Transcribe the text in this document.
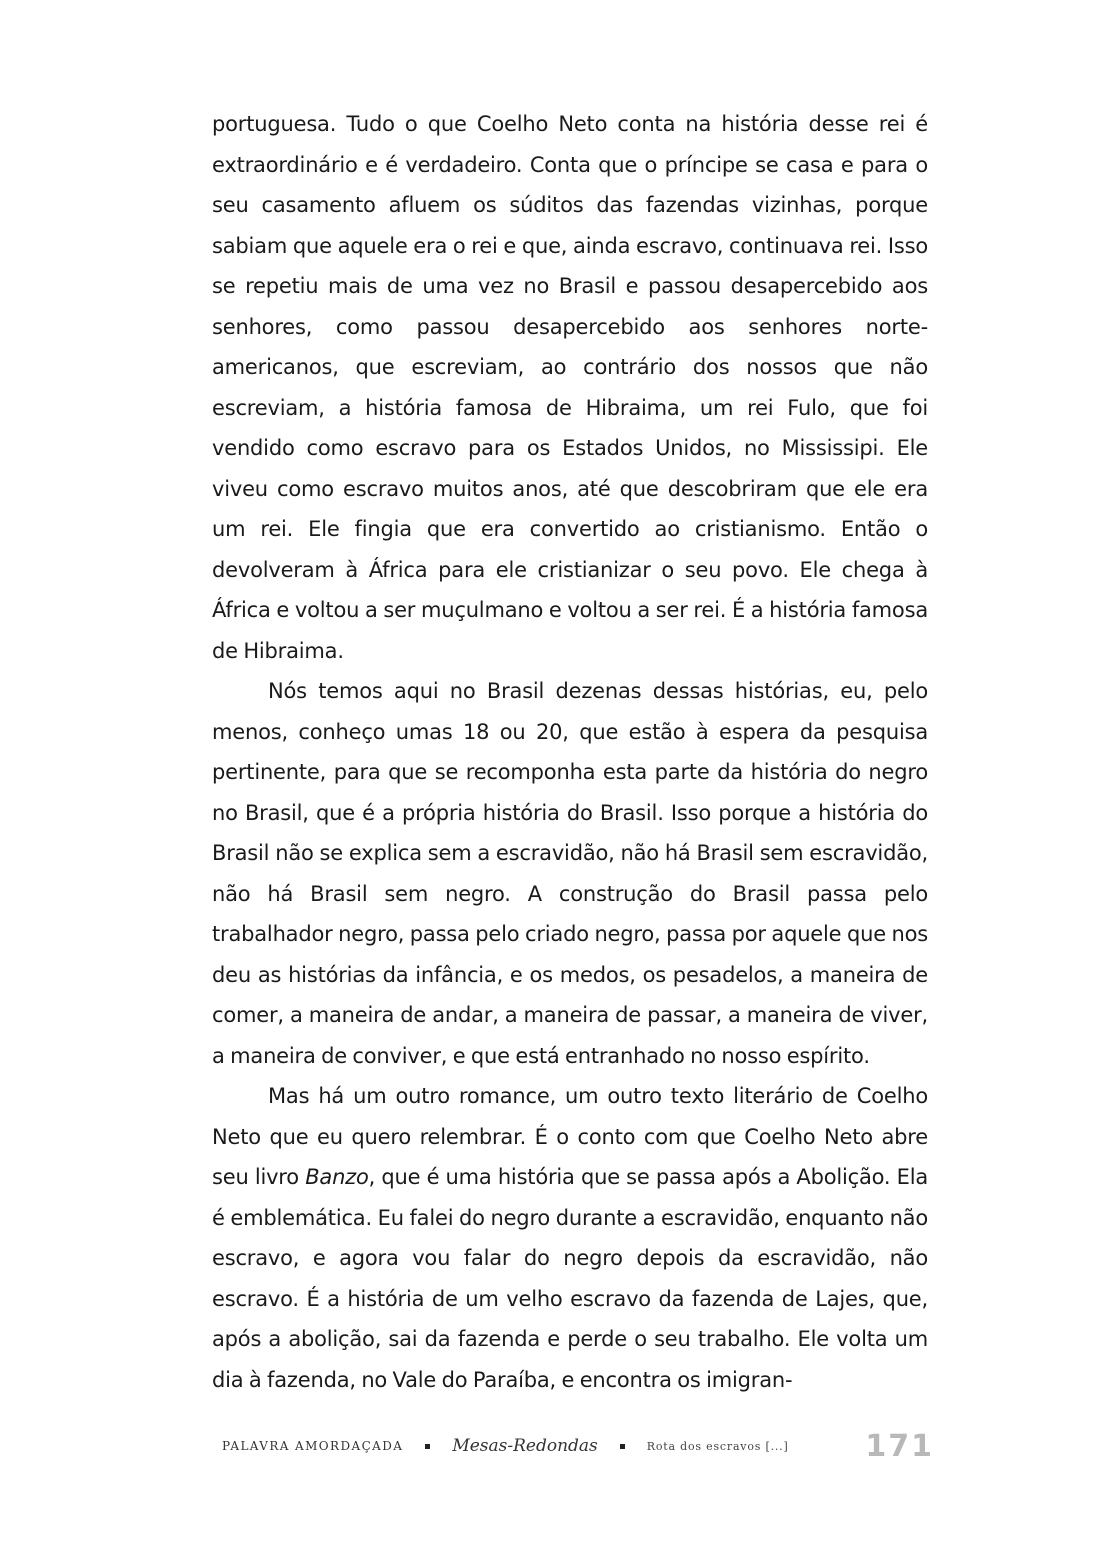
portuguesa. Tudo o que Coelho Neto conta na história desse rei é extraordinário e é verdadeiro. Conta que o príncipe se casa e para o seu casamento afluem os súditos das fazendas vizinhas, porque sabiam que aquele era o rei e que, ainda escravo, continuava rei. Isso se repetiu mais de uma vez no Brasil e passou desapercebido aos senhores, como passou desapercebido aos senhores norte-americanos, que escreviam, ao contrário dos nossos que não escreviam, a história famosa de Hibraima, um rei Fulo, que foi vendido como escravo para os Estados Unidos, no Mississipi. Ele viveu como escravo muitos anos, até que descobriram que ele era um rei. Ele fingia que era convertido ao cristianismo. Então o devolveram à África para ele cristianizar o seu povo. Ele chega à África e voltou a ser muçulmano e voltou a ser rei. É a história famosa de Hibraima.

Nós temos aqui no Brasil dezenas dessas histórias, eu, pelo menos, conheço umas 18 ou 20, que estão à espera da pesquisa pertinente, para que se recomponha esta parte da história do negro no Brasil, que é a própria história do Brasil. Isso porque a história do Brasil não se explica sem a escravidão, não há Brasil sem escravidão, não há Brasil sem negro. A construção do Brasil passa pelo trabalhador negro, passa pelo criado negro, passa por aquele que nos deu as histórias da infância, e os medos, os pesadelos, a maneira de comer, a maneira de andar, a maneira de passar, a maneira de viver, a maneira de conviver, e que está entranhado no nosso espírito.

Mas há um outro romance, um outro texto literário de Coelho Neto que eu quero relembrar. É o conto com que Coelho Neto abre seu livro Banzo, que é uma história que se passa após a Abolição. Ela é emblemática. Eu falei do negro durante a escravidão, enquanto não escravo, e agora vou falar do negro depois da escravidão, não escravo. É a história de um velho escravo da fazenda de Lajes, que, após a abolição, sai da fazenda e perde o seu trabalho. Ele volta um dia à fazenda, no Vale do Paraíba, e encontra os imigran-

PALAVRA AMORDAÇADA	Mesas-Redondas	Rota dos escravos [...]	171
